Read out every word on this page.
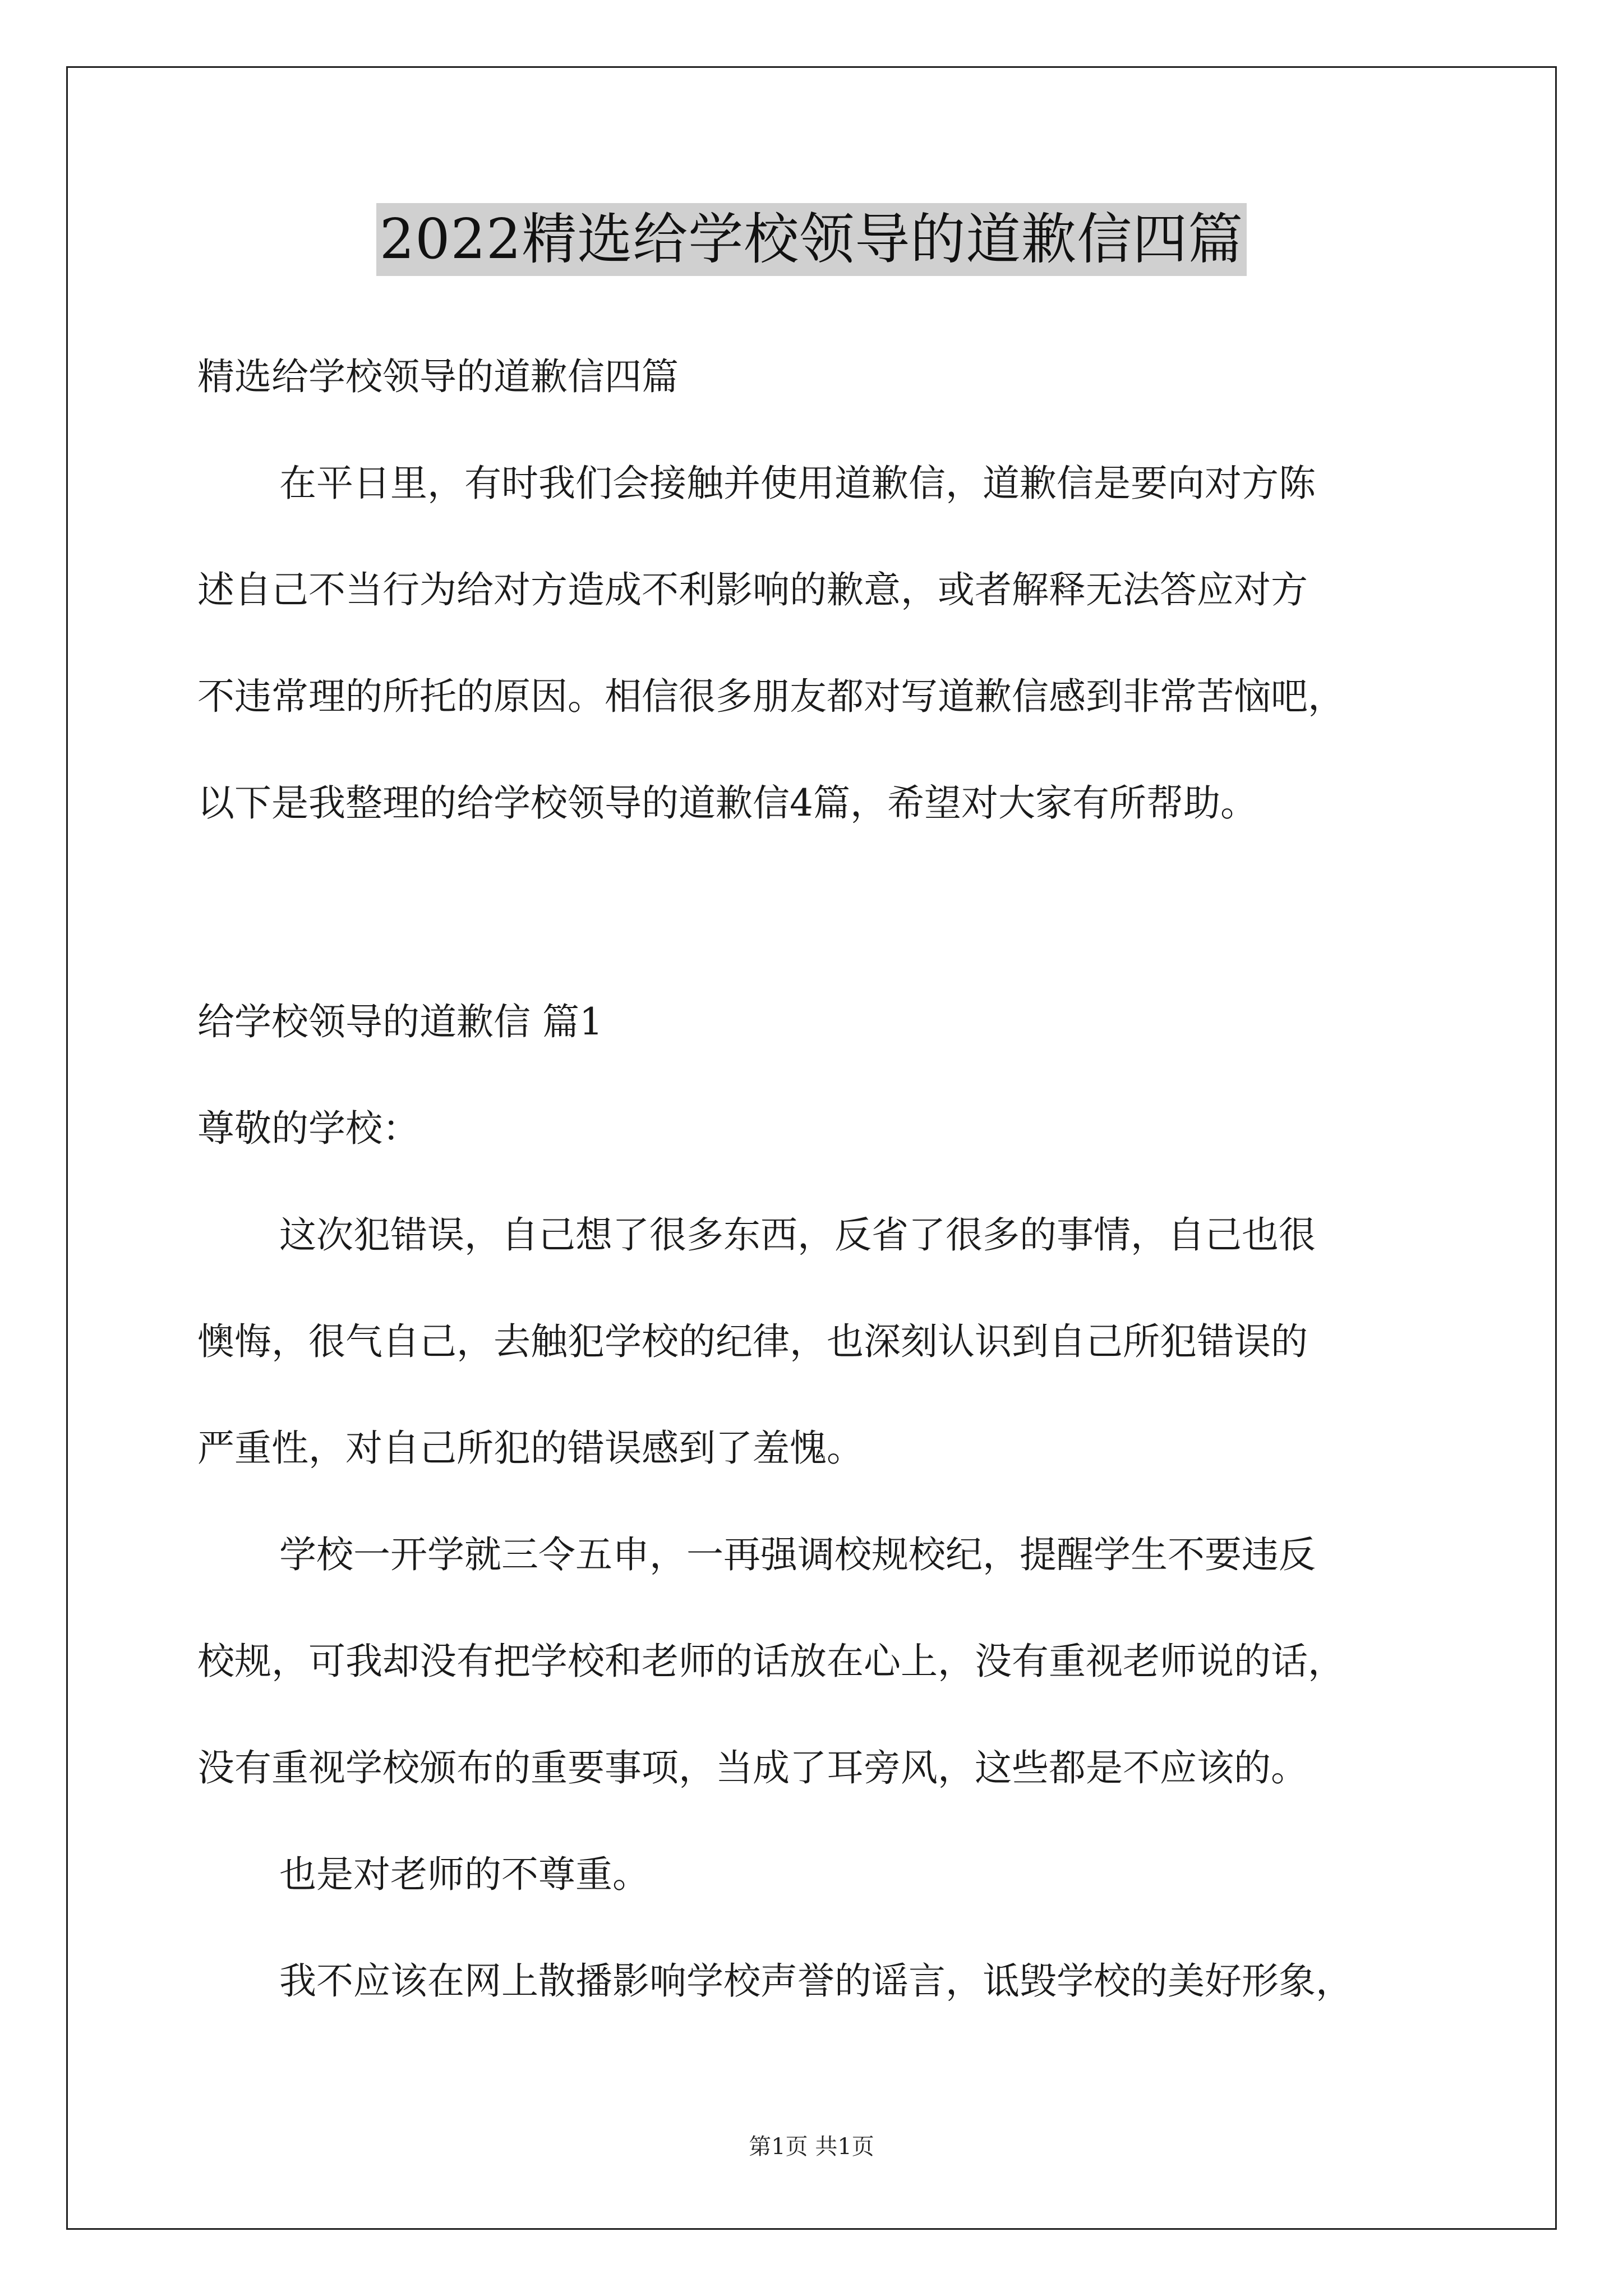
2022精选给学校领导的道歉信四篇
精选给学校领导的道歉信四篇
在平日里，有时我们会接触并使用道歉信，道歉信是要向对方陈
述自己不当行为给对方造成不利影响的歉意，或者解释无法答应对方
不违常理的所托的原因。相信很多朋友都对写道歉信感到非常苦恼吧，
以下是我整理的给学校领导的道歉信4篇，希望对大家有所帮助。
给学校领导的道歉信 篇1
尊敬的学校：
这次犯错误，自己想了很多东西，反省了很多的事情，自己也很
懊悔，很气自己，去触犯学校的纪律，也深刻认识到自己所犯错误的
严重性，对自己所犯的错误感到了羞愧。
学校一开学就三令五申，一再强调校规校纪，提醒学生不要违反
校规，可我却没有把学校和老师的话放在心上，没有重视老师说的话，
没有重视学校颁布的重要事项，当成了耳旁风，这些都是不应该的。
也是对老师的不尊重。
我不应该在网上散播影响学校声誉的谣言，诋毁学校的美好形象，
第1页 共1页
